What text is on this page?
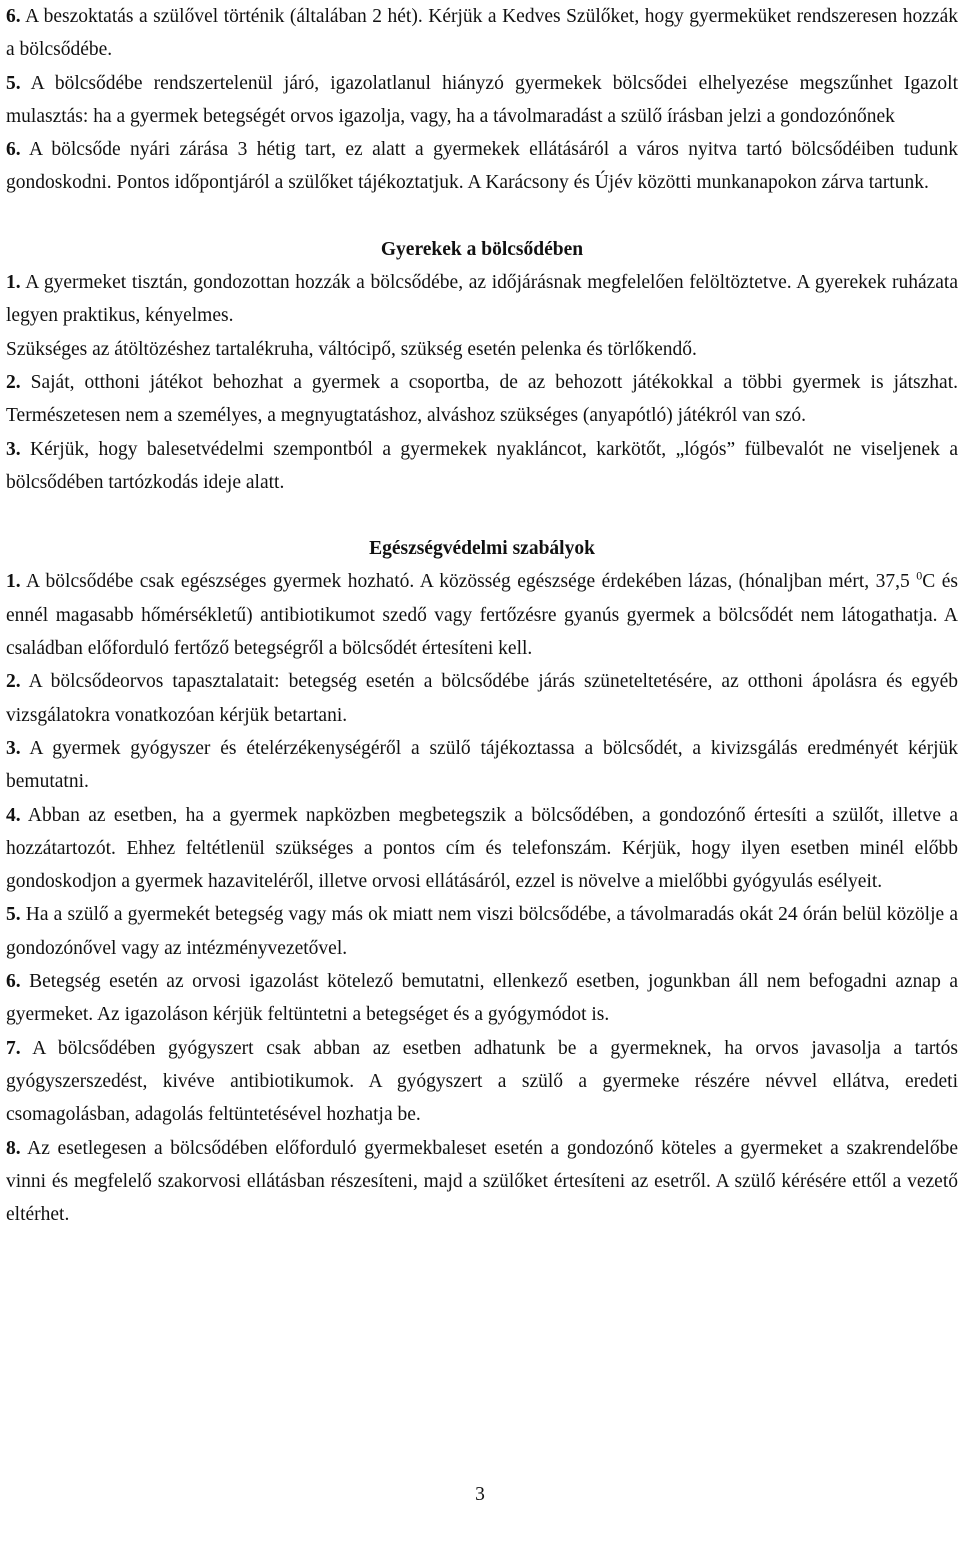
6. A beszoktatás a szülővel történik (általában 2 hét). Kérjük a Kedves Szülőket, hogy gyermeküket rendszeresen hozzák a bölcsődébe.

5. A bölcsődébe rendszertelenül járó, igazolatlanul hiányzó gyermekek bölcsődei elhelyezése megszűnhet Igazolt mulasztás: ha a gyermek betegségét orvos igazolja, vagy, ha a távolmaradást a szülő írásban jelzi a gondozónőnek

6. A bölcsőde nyári zárása 3 hétig tart, ez alatt a gyermekek ellátásáról a város nyitva tartó bölcsődéiben tudunk gondoskodni. Pontos időpontjáról a szülőket tájékoztatjuk. A Karácsony és Újév közötti munkanapokon zárva tartunk.

Gyerekek a bölcsődében

1. A gyermeket tisztán, gondozottan hozzák a bölcsődébe, az időjárásnak megfelelően felöltöztetve. A gyerekek ruházata legyen praktikus, kényelmes.

Szükséges az átöltözéshez tartalékruha, váltócipő, szükség esetén pelenka és törlőkendő.

2. Saját, otthoni játékot behozhat a gyermek a csoportba, de az behozott játékokkal a többi gyermek is játszhat. Természetesen nem a személyes, a megnyugtatáshoz, alváshoz szükséges (anyapótló) játékról van szó.

3. Kérjük, hogy balesetvédelmi szempontból a gyermekek nyakláncot, karkötőt, „lógós” fülbevalót ne viseljenek a bölcsődében tartózkodás ideje alatt.

Egészségvédelmi szabályok

1. A bölcsődébe csak egészséges gyermek hozható. A közösség egészsége érdekében lázas, (hónaljban mért, 37,5 $^0$C és ennél magasabb hőmérsékletű) antibiotikumot szedő vagy fertőzésre gyanús gyermek a bölcsődét nem látogathatja. A családban előforduló fertőző betegségről a bölcsődét értesíteni kell.

2. A bölcsődeorvos tapasztalatait: betegség esetén a bölcsődébe járás szüneteltetésére, az otthoni ápolásra és egyéb vizsgálatokra vonatkozóan kérjük betartani.

3. A gyermek gyógyszer és ételérzékenységéről a szülő tájékoztassa a bölcsődét, a kivizsgálás eredményét kérjük bemutatni.

4. Abban az esetben, ha a gyermek napközben megbetegszik a bölcsődében, a gondozónő értesíti a szülőt, illetve a hozzátartozót. Ehhez feltétlenül szükséges a pontos cím és telefonszám. Kérjük, hogy ilyen esetben minél előbb gondoskodjon a gyermek hazaviteléről, illetve orvosi ellátásáról, ezzel is növelve a mielőbbi gyógyulás esélyeit.

5. Ha a szülő a gyermekét betegség vagy más ok miatt nem viszi bölcsődébe, a távolmaradás okát 24 órán belül közölje a gondozónővel vagy az intézményvezetővel.

6. Betegség esetén az orvosi igazolást kötelező bemutatni, ellenkező esetben, jogunkban áll nem befogadni aznap a gyermeket. Az igazoláson kérjük feltüntetni a betegséget és a gyógymódot is.

7. A bölcsődében gyógyszert csak abban az esetben adhatunk be a gyermeknek, ha orvos javasolja a tartós gyógyszerszedést, kivéve antibiotikumok. A gyógyszert a szülő a gyermeke részére névvel ellátva, eredeti csomagolásban, adagolás feltüntetésével hozhatja be.

8. Az esetlegesen a bölcsődében előforduló gyermekbaleset esetén a gondozónő köteles a gyermeket a szakrendelőbe vinni és megfelelő szakorvosi ellátásban részesíteni, majd a szülőket értesíteni az esetről. A szülő kérésére ettől a vezető eltérhet.

3
